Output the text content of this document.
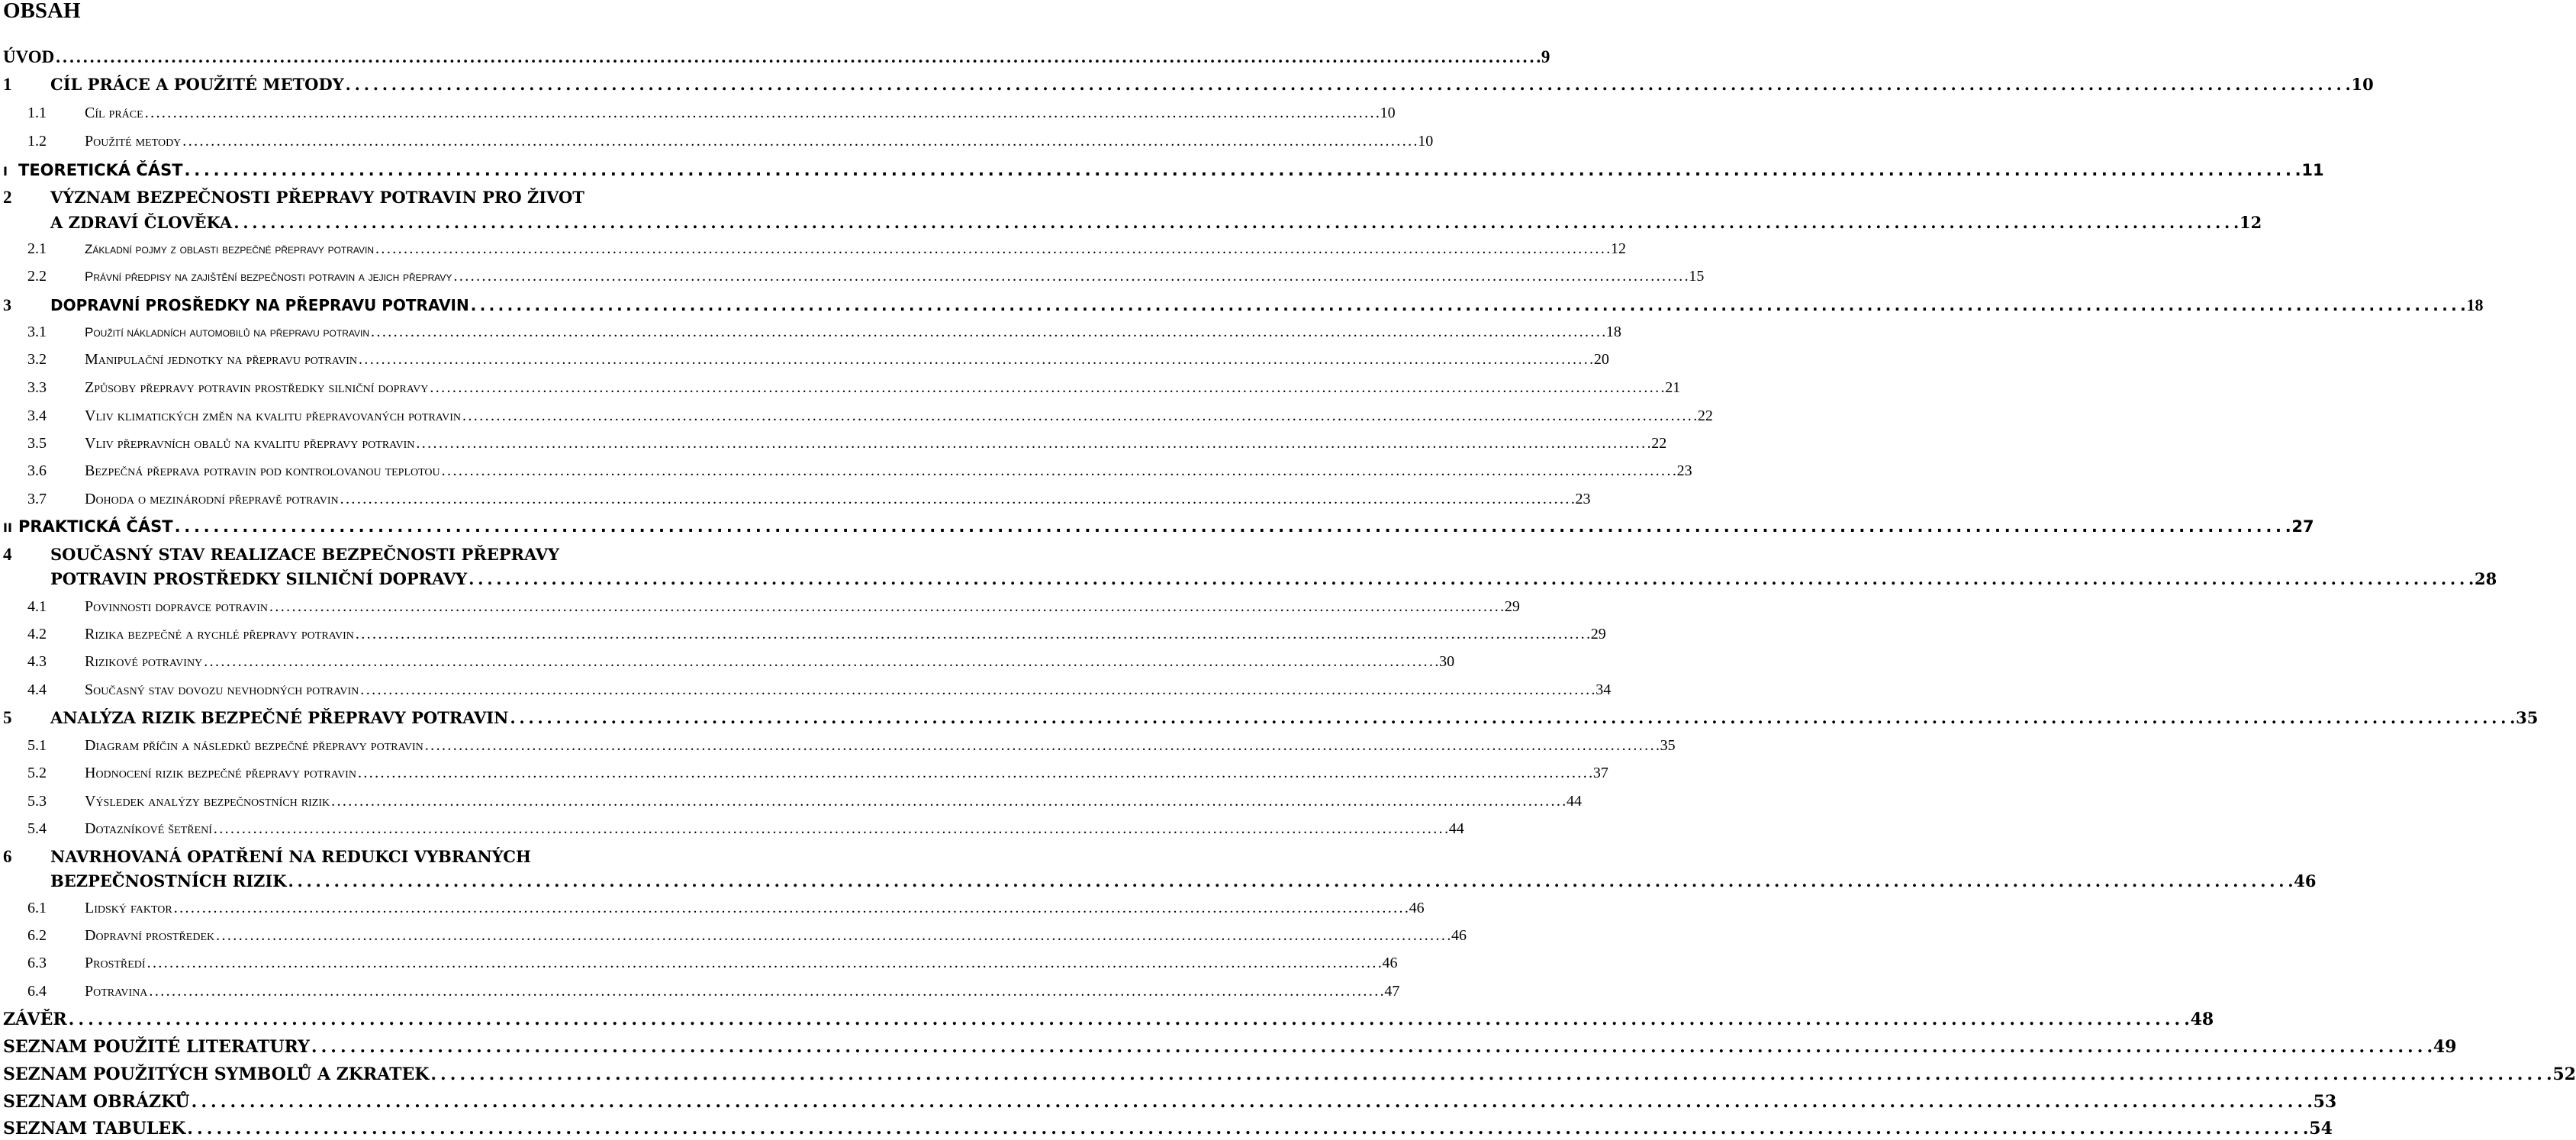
OBSAH
ÚVOD . . .	9
1	CÍL PRÁCE A POUŽITÉ METODY . . .	10
1.1	Cíl práce . . .	10
1.2	Použité metody . . .	10
I TEORETICKÁ ČÁST . . .	11
2	VÝZNAM BEZPEČNOSTI PŘEPRAVY POTRAVIN PRO ŽIVOT
A ZDRAVÍ ČLOVĚKA . . .	12
2.1	Základní pojmy z oblasti bezpečné přepravy potravin . . .	12
2.2	Právní předpisy na zajištění bezpečnosti potravin a jejich přepravy . . .	15
3	DOPRAVNÍ PROSŘEDKY NA PŘEPRAVU POTRAVIN . . .	18
3.1	Použití nákladních automobilů na přepravu potravin . . .	18
3.2	Manipulační jednotky na přepravu potravin . . .	20
3.3	Způsoby přepravy potravin prostředky silniční dopravy . . .	21
3.4	Vliv klimatických změn na kvalitu přepravovaných potravin . . .	22
3.5	Vliv přepravních obalů na kvalitu přepravy potravin . . .	22
3.6	Bezpečná přeprava potravin pod kontrolovanou teplotou . . .	23
3.7	Dohoda o mezinárodní přepravě potravin . . .	23
II PRAKTICKÁ ČÁST . . .	27
4	SOUČASNÝ STAV REALIZACE BEZPEČNOSTI PŘEPRAVY
POTRAVIN PROSTŘEDKY SILNIČNÍ DOPRAVY . . .	28
4.1	Povinnosti dopravce potravin . . .	29
4.2	Rizika bezpečné a rychlé přepravy potravin . . .	29
4.3	Rizikové potraviny . . .	30
4.4	Současný stav dovozu nevhodných potravin . . .	34
5	ANALÝZA RIZIK BEZPEČNÉ PŘEPRAVY POTRAVIN . . .	35
5.1	Diagram příčin a následků bezpečné přepravy potravin . . .	35
5.2	Hodnocení rizik bezpečné přepravy potravin . . .	37
5.3	Výsledek analýzy bezpečnostních rizik . . .	44
5.4	Dotazníkové šetření . . .	44
6	NAVRHOVANÁ OPATŘENÍ NA REDUKCI VYBRANÝCH
BEZPEČNOSTNÍCH RIZIK . . .	46
6.1	Lidský faktor . . .	46
6.2	Dopravní prostředek . . .	46
6.3	Prostředí . . .	46
6.4	Potravina . . .	47
ZÁVĚR . . .	48
SEZNAM POUŽITÉ LITERATURY . . .	49
SEZNAM POUŽITÝCH SYMBOLŮ A ZKRATEK . . .	52
SEZNAM OBRÁZKŮ . . .	53
SEZNAM TABULEK . . .	54
